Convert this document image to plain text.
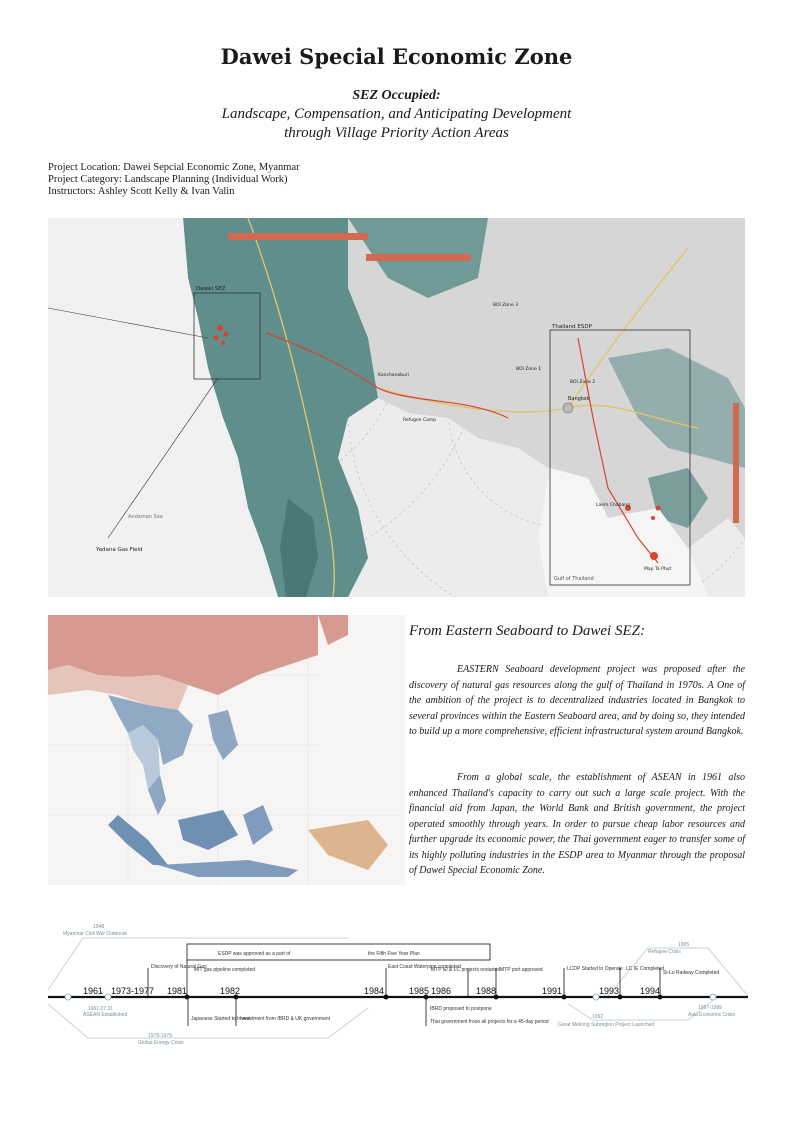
Dawei Special Economic Zone
SEZ Occupied:
Landscape, Compensation, and Anticipating Development
through Village Priority Action Areas
Project Location: Dawei Sepcial Economic Zone, Myanmar
Project Category: Landscape Planning (Individual Work)
Instructors: Ashley Scott Kelly & Ivan Valin
Dawei SEZ
Thailand ESDP
Bangkok
Gulf of Thailand
Andaman Sea
Yadana Gas Field
Map Ta Phut
Laem Chabang
Kanchanaburi
Refugee Camp
BOI Zone 3
BOI Zone 1
BOI Zone 2
From Eastern Seaboard to Dawei SEZ:

EASTERN Seaboard development project was proposed after the discovery of natural gas resources along the gulf of Thailand in 1970s. A One of the ambition of the project is to decentralized industries located in Bangkok to several provinces within the Eastern Seaboard area, and by doing so, they intended to build up a more comprehensive, efficient infrastructural system around Bangkok.

From a global scale, the establishment of ASEAN in 1961 also enhanced Thailand's capacity to carry out such a large scale project. With the financial aid from Japan, the World Bank and British government, the project operated smoothly through years. In order to pursue cheap labor resources and further upgrade its economic power, the Thai government eager to transfer some of its highly polluting industries in the ESDP area to Myanmar through the proposal of Dawei Special Economic Zone.

ESDP was approved as a part of	the Fifth Five Year Plan
1961 1973-1977 1981	1982	1984	1985 1986	1988	1991	1993 1994
Discovery of Natural Gas
MIT gas pipeline completed	East Coast Waterpipe completed
MTP IE & LC projects restarted MTP port approved	LCDP Started to Operate LC IE Completed
Si-Lo Railway Completed
Myanmar Civil War Outbreak
Refugee Crisis
ASEAN Established
Global Energy Crisis
Japanese Started to Invest
Investment from IBRD & UK government
IBRD proposed to postpone
Thai government froze all projects for a 45-day period Great Mekong Subregion Project Launched
Asia Economic Crisis
1961.07.31
1978-1979
1948
1992
1995
1997-1999
